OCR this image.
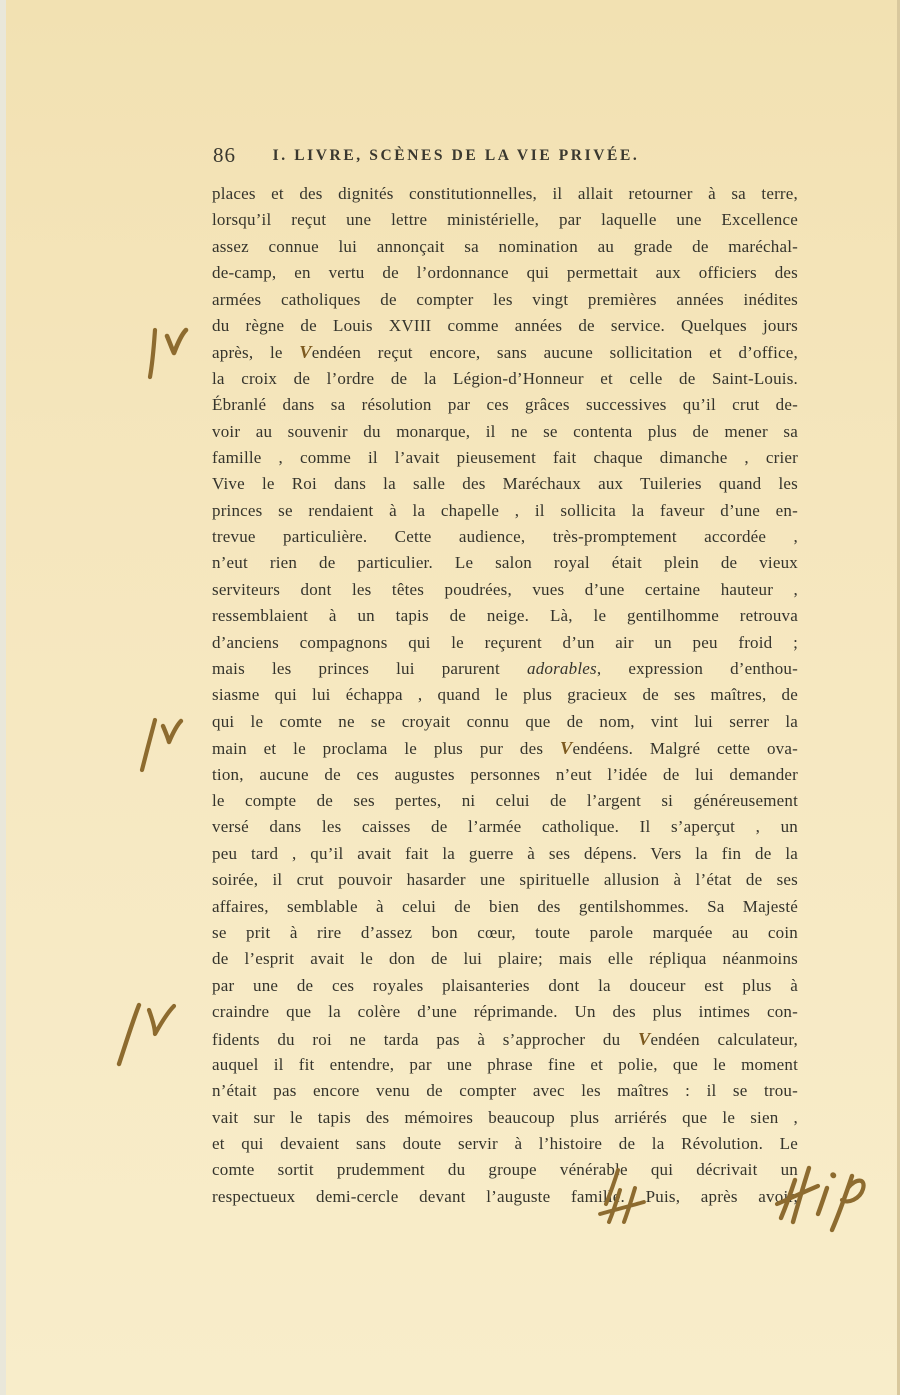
86 I. LIVRE, SCÈNES DE LA VIE PRIVÉE.
places et des dignités constitutionnelles, il allait retourner à sa terre,
lorsqu’il reçut une lettre ministérielle, par laquelle une Excellence
assez connue lui annonçait sa nomination au grade de maréchal-
de-camp, en vertu de l’ordonnance qui permettait aux officiers des
armées catholiques de compter les vingt premières années inédites
du règne de Louis XVIII comme années de service. Quelques jours
après, le Vendéen reçut encore, sans aucune sollicitation et d’office,
la croix de l’ordre de la Légion-d’Honneur et celle de Saint-Louis.
Ébranlé dans sa résolution par ces grâces successives qu’il crut de-
voir au souvenir du monarque, il ne se contenta plus de mener sa
famille , comme il l’avait pieusement fait chaque dimanche , crier
Vive le Roi dans la salle des Maréchaux aux Tuileries quand les
princes se rendaient à la chapelle , il sollicita la faveur d’une en-
trevue particulière. Cette audience, très-promptement accordée ,
n’eut rien de particulier. Le salon royal était plein de vieux
serviteurs dont les têtes poudrées, vues d’une certaine hauteur ,
ressemblaient à un tapis de neige. Là, le gentilhomme retrouva
d’anciens compagnons qui le reçurent d’un air un peu froid ;
mais les princes lui parurent adorables, expression d’enthou-
siasme qui lui échappa , quand le plus gracieux de ses maîtres, de
qui le comte ne se croyait connu que de nom, vint lui serrer la
main et le proclama le plus pur des Vendéens. Malgré cette ova-
tion, aucune de ces augustes personnes n’eut l’idée de lui demander
le compte de ses pertes, ni celui de l’argent si généreusement
versé dans les caisses de l’armée catholique. Il s’aperçut , un
peu tard , qu’il avait fait la guerre à ses dépens. Vers la fin de la
soirée, il crut pouvoir hasarder une spirituelle allusion à l’état de ses
affaires, semblable à celui de bien des gentilshommes. Sa Majesté
se prit à rire d’assez bon cœur, toute parole marquée au coin
de l’esprit avait le don de lui plaire; mais elle répliqua néanmoins
par une de ces royales plaisanteries dont la douceur est plus à
craindre que la colère d’une réprimande. Un des plus intimes con-
fidents du roi ne tarda pas à s’approcher du Vendéen calculateur,
auquel il fit entendre, par une phrase fine et polie, que le moment
n’était pas encore venu de compter avec les maîtres : il se trou-
vait sur le tapis des mémoires beaucoup plus arriérés que le sien ,
et qui devaient sans doute servir à l’histoire de la Révolution. Le
comte sortit prudemment du groupe vénérable qui décrivait un
respectueux demi-cercle devant l’auguste famille. Puis, après avoir,
